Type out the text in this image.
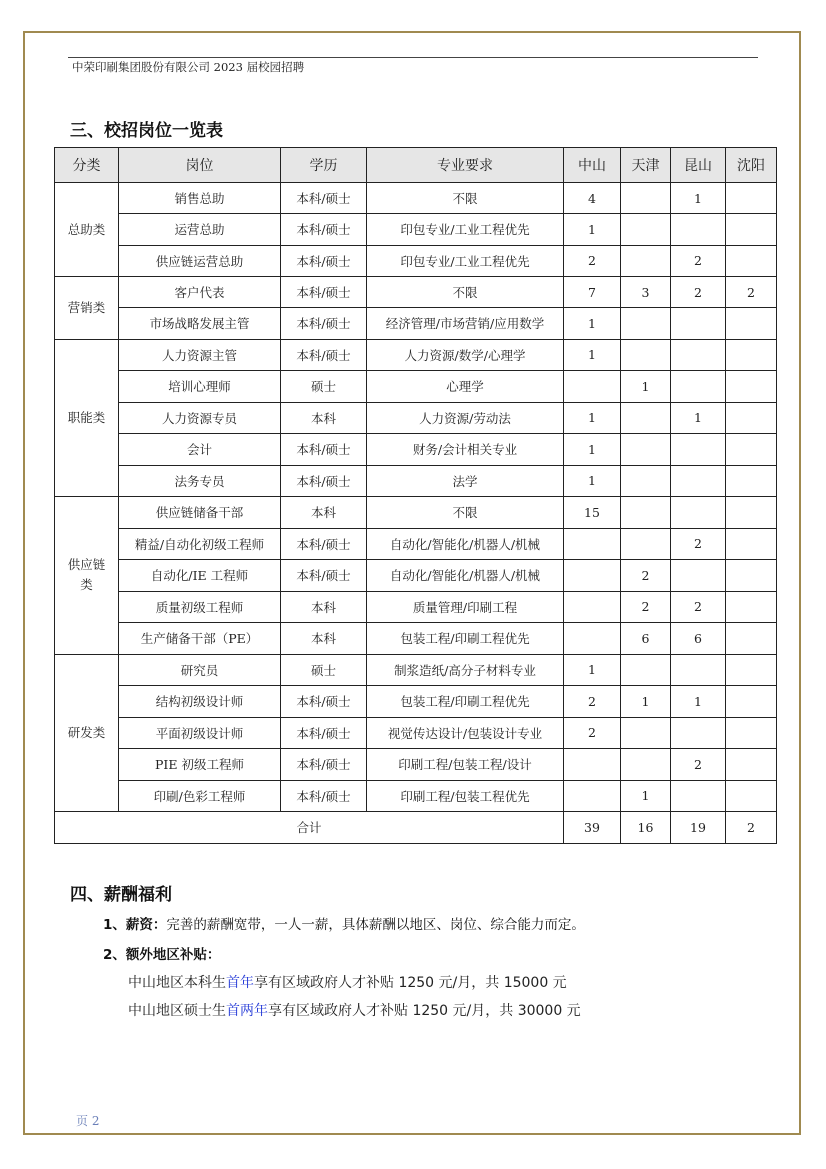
中荣印刷集团股份有限公司 2023 届校园招聘
三、校招岗位一览表
分类	岗位	学历	专业要求	中山	天津	昆山	沈阳
总助类	销售总助	本科/硕士	不限	4		1	
	运营总助	本科/硕士	印包专业/工业工程优先	1			
	供应链运营总助	本科/硕士	印包专业/工业工程优先	2		2	
营销类	客户代表	本科/硕士	不限	7	3	2	2
	市场战略发展主管	本科/硕士	经济管理/市场营销/应用数学	1			
职能类	人力资源主管	本科/硕士	人力资源/数学/心理学	1			
	培训心理师	硕士	心理学		1		
	人力资源专员	本科	人力资源/劳动法	1		1	
	会计	本科/硕士	财务/会计相关专业	1			
	法务专员	本科/硕士	法学	1			
供应链类	供应链储备干部	本科	不限	15			
	精益/自动化初级工程师	本科/硕士	自动化/智能化/机器人/机械			2	
	自动化/IE 工程师	本科/硕士	自动化/智能化/机器人/机械		2		
	质量初级工程师	本科	质量管理/印刷工程		2	2	
	生产储备干部（PE）	本科	包装工程/印刷工程优先		6	6	
研发类	研究员	硕士	制浆造纸/高分子材料专业	1			
	结构初级设计师	本科/硕士	包装工程/印刷工程优先	2	1	1	
	平面初级设计师	本科/硕士	视觉传达设计/包装设计专业	2			
	PIE 初级工程师	本科/硕士	印刷工程/包装工程/设计			2	
	印刷/色彩工程师	本科/硕士	印刷工程/包装工程优先		1		
合计				39	16	19	2
四、薪酬福利
1、薪资：完善的薪酬宽带，一人一薪，具体薪酬以地区、岗位、综合能力而定。
2、额外地区补贴：
中山地区本科生首年享有区域政府人才补贴 1250 元/月，共 15000 元
中山地区硕士生首两年享有区域政府人才补贴 1250 元/月，共 30000 元
页 2
